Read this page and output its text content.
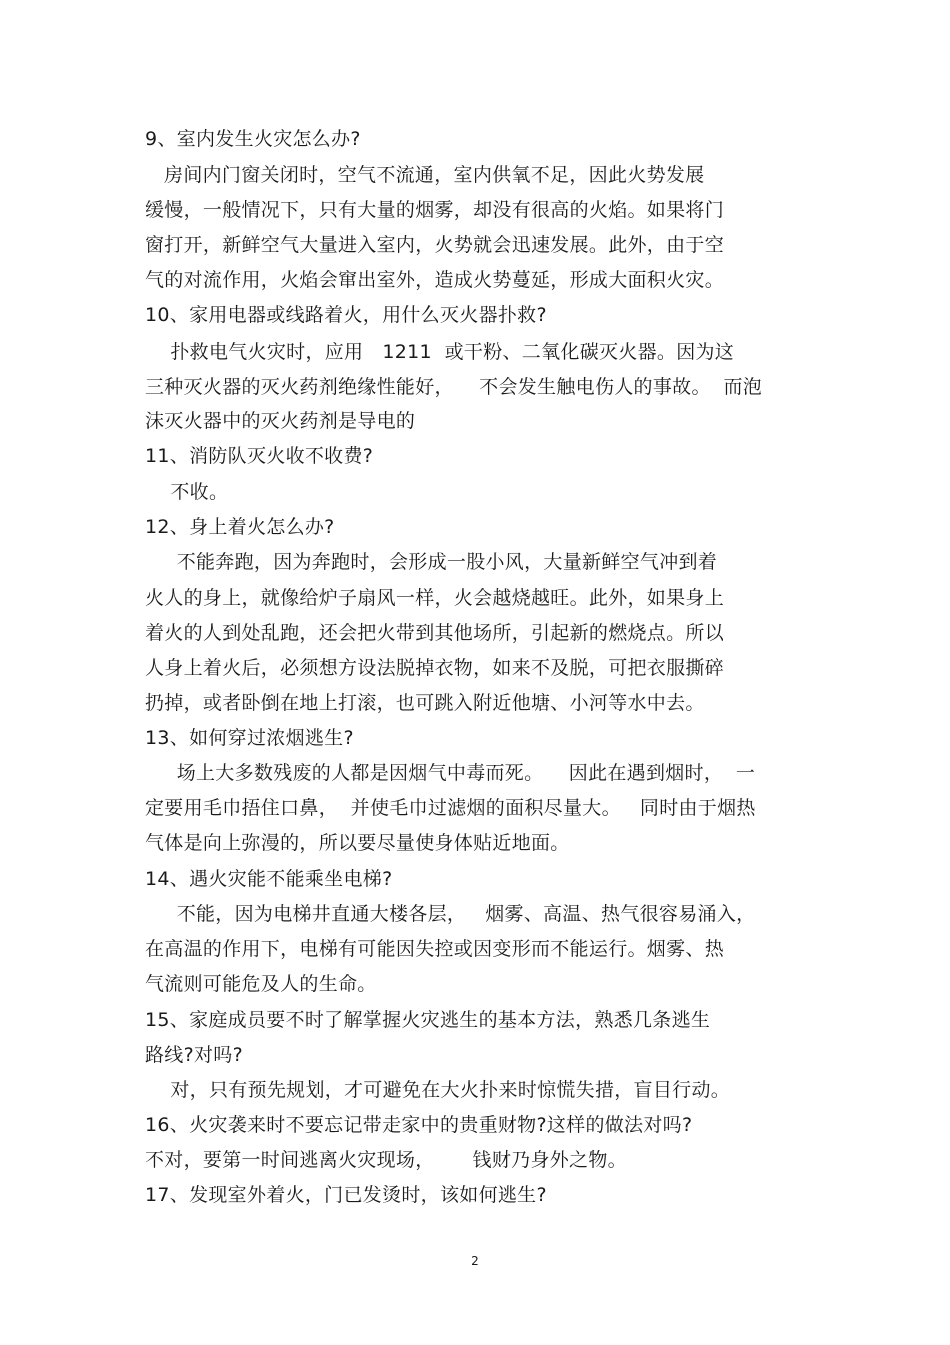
9、室内发生火灾怎么办?

房间内门窗关闭时，空气不流通，室内供氧不足，因此火势发展

缓慢，一般情况下，只有大量的烟雾，却没有很高的火焰。如果将门

窗打开，新鲜空气大量进入室内，火势就会迅速发展。此外，由于空

气的对流作用，火焰会窜出室外，造成火势蔓延，形成大面积火灾。

10、家用电器或线路着火，用什么灭火器扑救?

扑救电气火灾时，应用   1211  或干粉、二氧化碳灭火器。因为这

三种灭火器的灭火药剂绝缘性能好，    不会发生触电伤人的事故。  而泡

沫灭火器中的灭火药剂是导电的

11、消防队灭火收不收费?

不收。

12、身上着火怎么办?

不能奔跑，因为奔跑时，会形成一股小风，大量新鲜空气冲到着

火人的身上，就像给炉子扇风一样，火会越烧越旺。此外，如果身上

着火的人到处乱跑，还会把火带到其他场所，引起新的燃烧点。所以

人身上着火后，必须想方设法脱掉衣物，如来不及脱，可把衣服撕碎

扔掉，或者卧倒在地上打滚，也可跳入附近他塘、小河等水中去。

13、如何穿过浓烟逃生?

场上大多数残废的人都是因烟气中毒而死。    因此在遇到烟时，  一

定要用毛巾捂住口鼻，  并使毛巾过滤烟的面积尽量大。   同时由于烟热

气体是向上弥漫的，所以要尽量使身体贴近地面。

14、遇火灾能不能乘坐电梯?

不能，因为电梯井直通大楼各层，   烟雾、高温、热气很容易涌入，

在高温的作用下，电梯有可能因失控或因变形而不能运行。烟雾、热

气流则可能危及人的生命。

15、家庭成员要不时了解掌握火灾逃生的基本方法，熟悉几条逃生

路线?对吗?

对，只有预先规划，才可避免在大火扑来时惊慌失措，盲目行动。

16、火灾袭来时不要忘记带走家中的贵重财物?这样的做法对吗?

不对，要第一时间逃离火灾现场，      钱财乃身外之物。

17、发现室外着火，门已发烫时，该如何逃生?

2
